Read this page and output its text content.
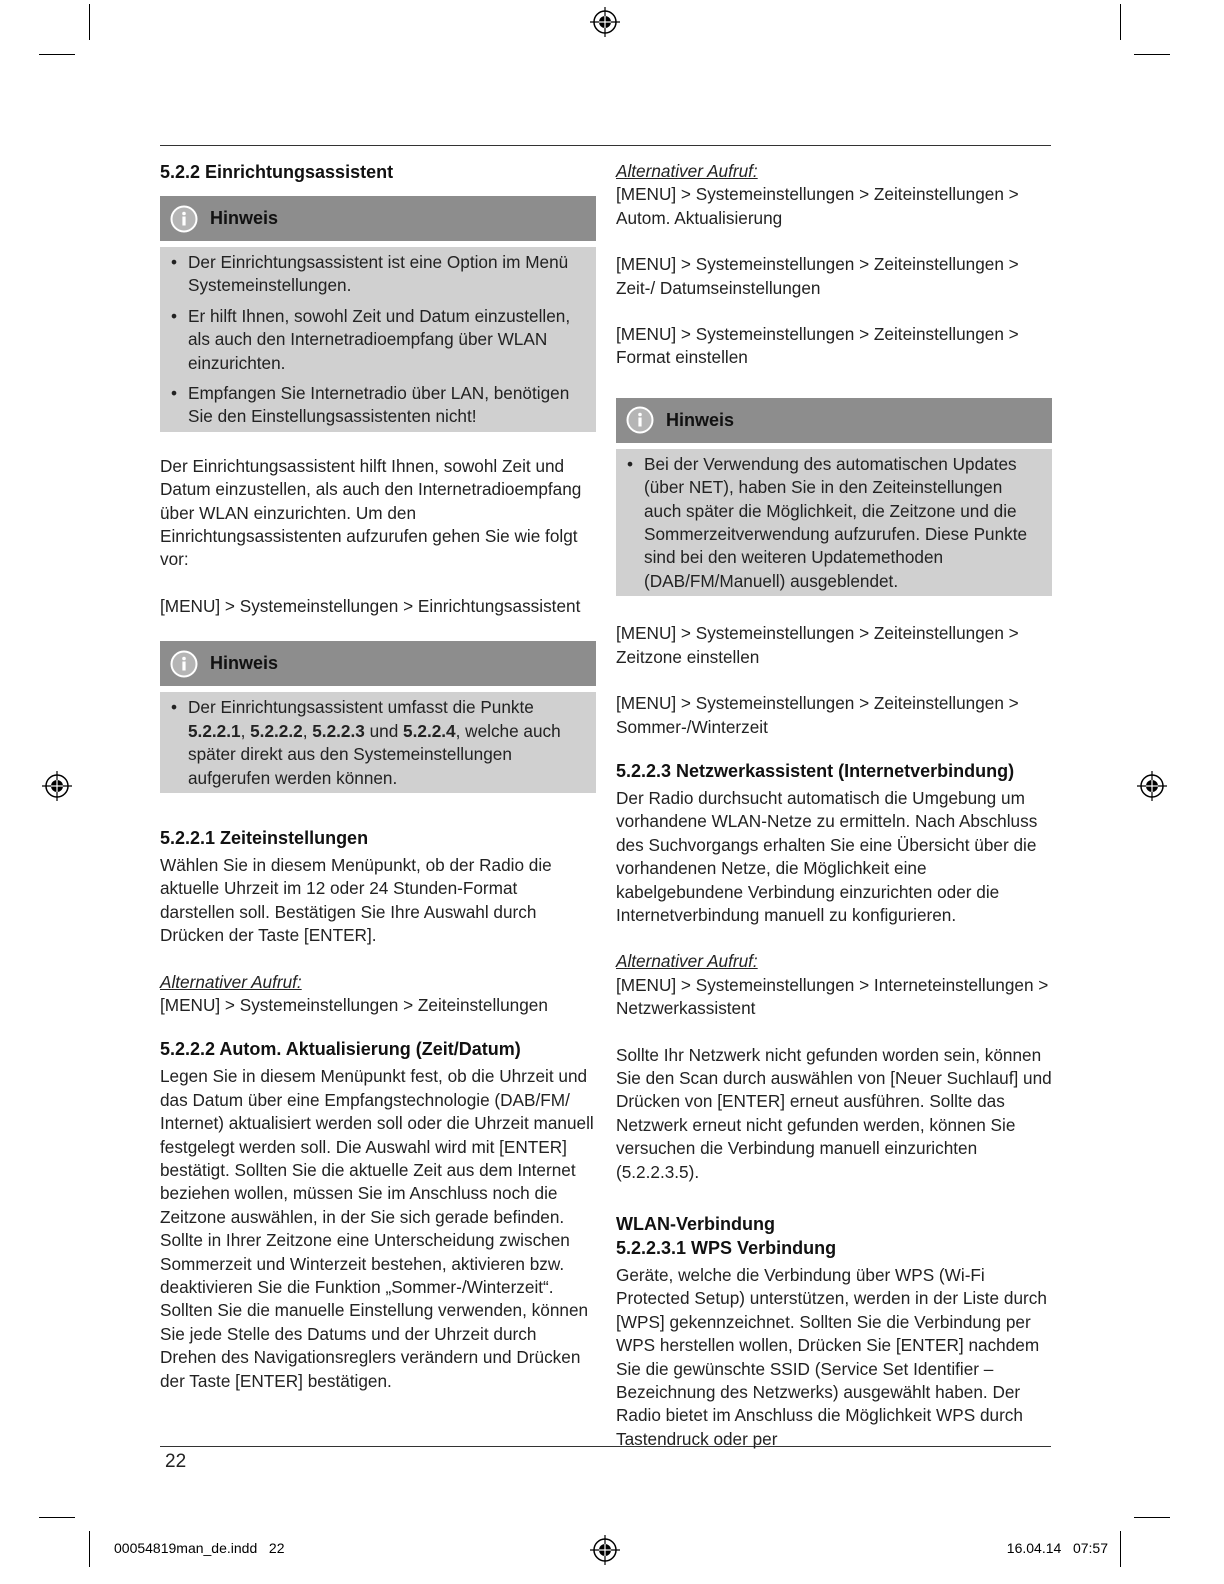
5.2.2 Einrichtungsassistent
Hinweis
• Der Einrichtungsassistent ist eine Option im Menü Systemeinstellungen.
• Er hilft Ihnen, sowohl Zeit und Datum einzustellen, als auch den Internetradioempfang über WLAN einzurichten.
• Empfangen Sie Internetradio über LAN, benötigen Sie den Einstellungsassistenten nicht!

Der Einrichtungsassistent hilft Ihnen, sowohl Zeit und Datum einzustellen, als auch den Internetradioempfang über WLAN einzurichten. Um den Einrichtungsassistenten aufzurufen gehen Sie wie folgt vor:

[MENU] > Systemeinstellungen > Einrichtungsassistent

Hinweis
• Der Einrichtungsassistent umfasst die Punkte 5.2.2.1, 5.2.2.2, 5.2.2.3 und 5.2.2.4, welche auch später direkt aus den Systemeinstellungen aufgerufen werden können.
5.2.2.1 Zeiteinstellungen

Wählen Sie in diesem Menüpunkt, ob der Radio die aktuelle Uhrzeit im 12 oder 24 Stunden-Format darstellen soll. Bestätigen Sie Ihre Auswahl durch Drücken der Taste [ENTER].

Alternativer Aufruf:

[MENU] > Systemeinstellungen > Zeiteinstellungen

5.2.2.2 Autom. Aktualisierung (Zeit/Datum)

Legen Sie in diesem Menüpunkt fest, ob die Uhrzeit und das Datum über eine Empfangstechnologie (DAB/FM/ Internet) aktualisiert werden soll oder die Uhrzeit manuell festgelegt werden soll. Die Auswahl wird mit [ENTER] bestätigt. Sollten Sie die aktuelle Zeit aus dem Internet beziehen wollen, müssen Sie im Anschluss noch die Zeitzone auswählen, in der Sie sich gerade befinden. Sollte in Ihrer Zeitzone eine Unterscheidung zwischen Sommerzeit und Winterzeit bestehen, aktivieren bzw. deaktivieren Sie die Funktion „Sommer-/Winterzeit“.

Sollten Sie die manuelle Einstellung verwenden, können Sie jede Stelle des Datums und der Uhrzeit durch Drehen des Navigationsreglers verändern und Drücken der Taste [ENTER] bestätigen.

Alternativer Aufruf:

[MENU] > Systemeinstellungen > Zeiteinstellungen > Autom. Aktualisierung

[MENU] > Systemeinstellungen > Zeiteinstellungen > Zeit-/ Datumseinstellungen

[MENU] > Systemeinstellungen > Zeiteinstellungen > Format einstellen

Hinweis
• Bei der Verwendung des automatischen Updates (über NET), haben Sie in den Zeiteinstellungen auch später die Möglichkeit, die Zeitzone und die Sommerzeitverwendung aufzurufen. Diese Punkte sind bei den weiteren Updatemethoden (DAB/FM/Manuell) ausgeblendet.

[MENU] > Systemeinstellungen > Zeiteinstellungen > Zeitzone einstellen

[MENU] > Systemeinstellungen > Zeiteinstellungen > Sommer-/Winterzeit

5.2.2.3 Netzwerkassistent (Internetverbindung)

Der Radio durchsucht automatisch die Umgebung um vorhandene WLAN-Netze zu ermitteln. Nach Abschluss des Suchvorgangs erhalten Sie eine Übersicht über die vorhandenen Netze, die Möglichkeit eine kabelgebundene Verbindung einzurichten oder die Internetverbindung manuell zu konfigurieren.

Alternativer Aufruf:

[MENU] > Systemeinstellungen > Interneteinstellungen > Netzwerkassistent

Sollte Ihr Netzwerk nicht gefunden worden sein, können Sie den Scan durch auswählen von [Neuer Suchlauf] und Drücken von [ENTER] erneut ausführen. Sollte das Netzwerk erneut nicht gefunden werden, können Sie versuchen die Verbindung manuell einzurichten (5.2.2.3.5).

WLAN-Verbindung
5.2.2.3.1 WPS Verbindung

Geräte, welche die Verbindung über WPS (Wi-Fi Protected Setup) unterstützen, werden in der Liste durch [WPS] gekennzeichnet. Sollten Sie die Verbindung per WPS herstellen wollen, Drücken Sie [ENTER] nachdem Sie die gewünschte SSID (Service Set Identifier – Bezeichnung des Netzwerks) ausgewählt haben. Der Radio bietet im Anschluss die Möglichkeit WPS durch Tastendruck oder per

22
00054819man_de.indd   22	16.04.14   07:57
